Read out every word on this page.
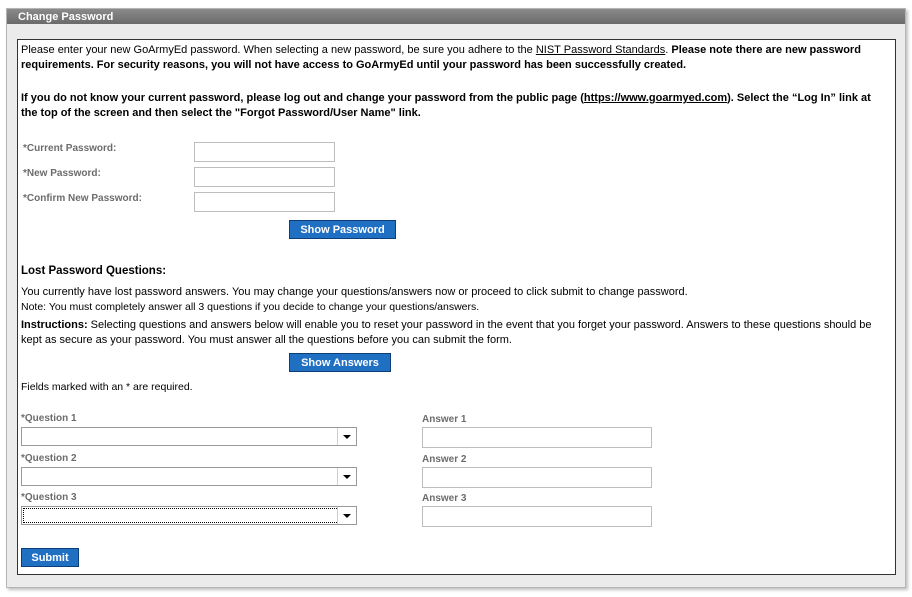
Change Password
Please enter your new GoArmyEd password. When selecting a new password, be sure you adhere to the NIST Password Standards. Please note there are new password requirements. For security reasons, you will not have access to GoArmyEd until your password has been successfully created.
If you do not know your current password, please log out and change your password from the public page (https://www.goarmyed.com). Select the “Log In” link at the top of the screen and then select the "Forgot Password/User Name" link.
*Current Password:
*New Password:
*Confirm New Password:
Show Password
Lost Password Questions:
You currently have lost password answers. You may change your questions/answers now or proceed to click submit to change password.
Note: You must completely answer all 3 questions if you decide to change your questions/answers.
Instructions: Selecting questions and answers below will enable you to reset your password in the event that you forget your password. Answers to these questions should be kept as secure as your password. You must answer all the questions before you can submit the form.
Show Answers
Fields marked with an * are required.
*Question 1	Answer 1
*Question 2	Answer 2
*Question 3	Answer 3
Submit
